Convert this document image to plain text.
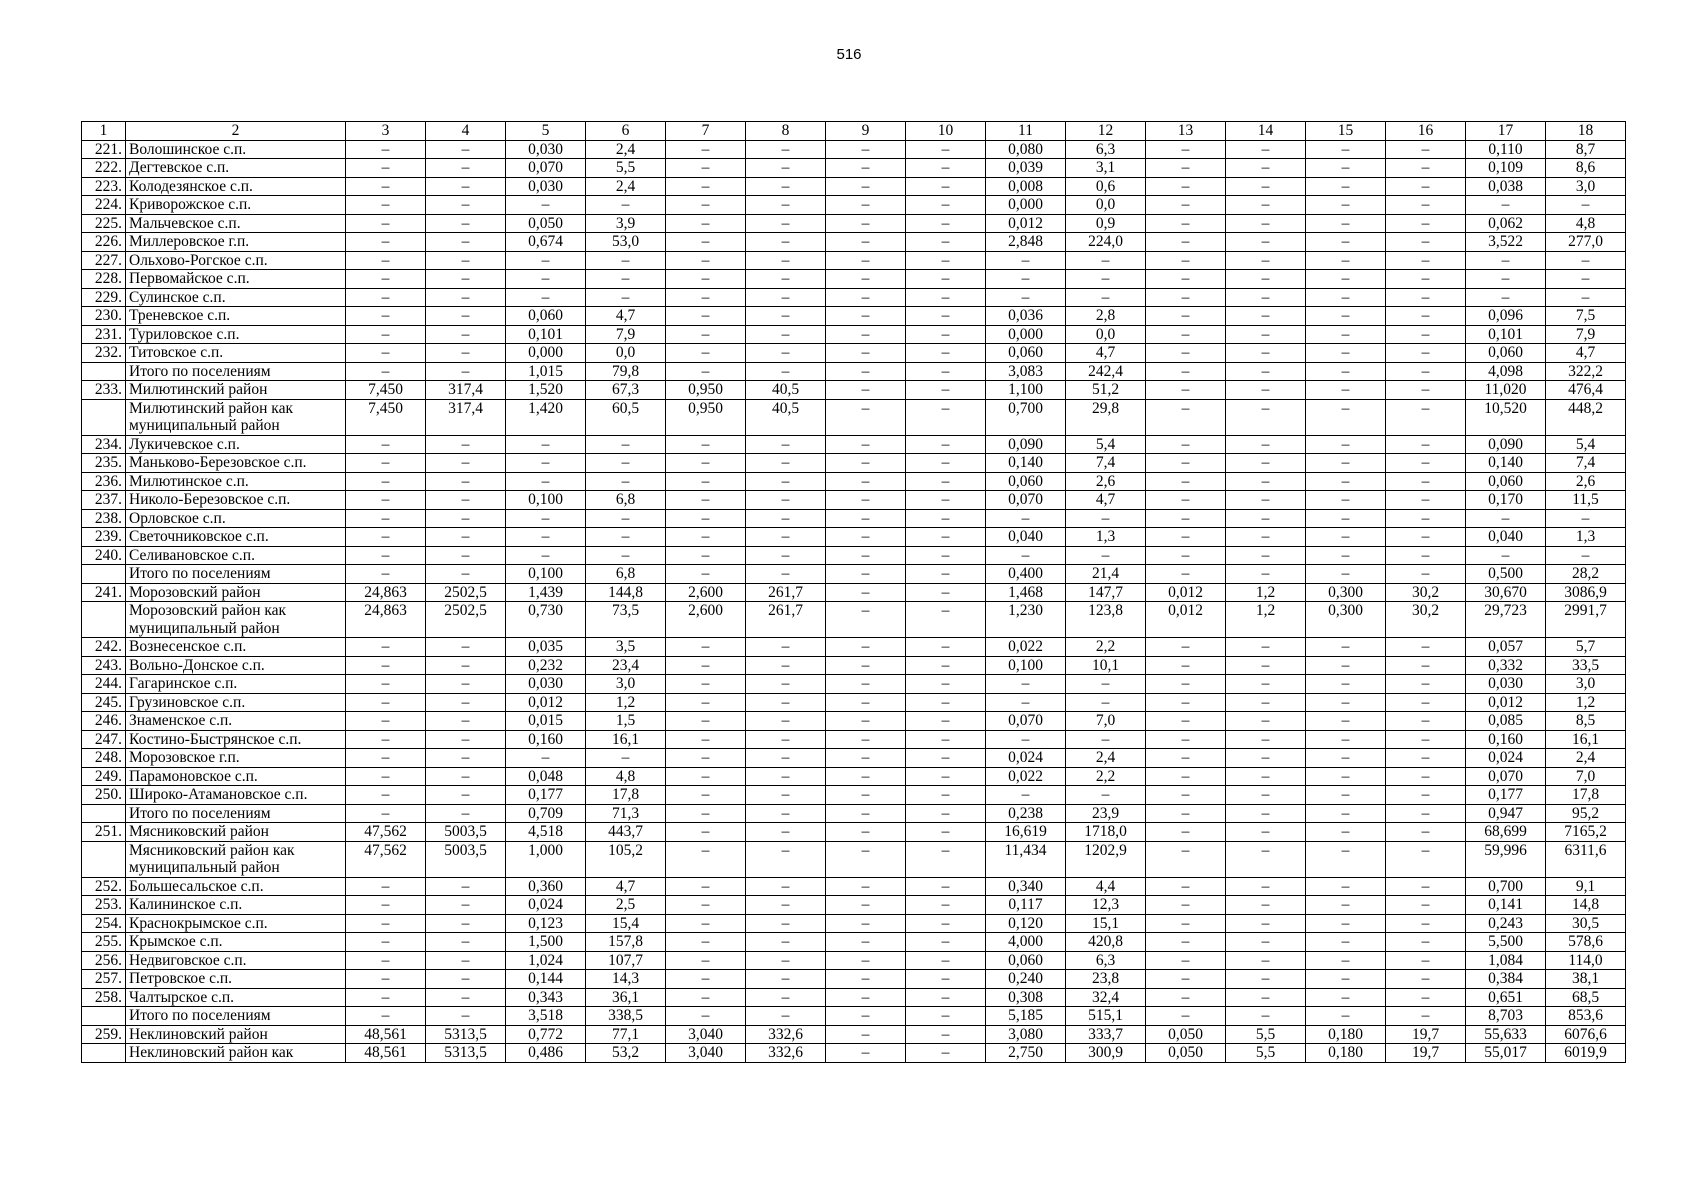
516
1	2	3	4	5	6	7	8	9	10	11	12	13	14	15	16	17	18
221.	Волошинское с.п.	–	–	0,030	2,4	–	–	–	–	0,080	6,3	–	–	–	–	0,110	8,7
222.	Дегтевское с.п.	–	–	0,070	5,5	–	–	–	–	0,039	3,1	–	–	–	–	0,109	8,6
223.	Колодезянское с.п.	–	–	0,030	2,4	–	–	–	–	0,008	0,6	–	–	–	–	0,038	3,0
224.	Криворожское с.п.	–	–	–	–	–	–	–	–	0,000	0,0	–	–	–	–	–	–
225.	Мальчевское с.п.	–	–	0,050	3,9	–	–	–	–	0,012	0,9	–	–	–	–	0,062	4,8
226.	Миллеровское г.п.	–	–	0,674	53,0	–	–	–	–	2,848	224,0	–	–	–	–	3,522	277,0
227.	Ольхово-Рогское с.п.	–	–	–	–	–	–	–	–	–	–	–	–	–	–	–	–
228.	Первомайское с.п.	–	–	–	–	–	–	–	–	–	–	–	–	–	–	–	–
229.	Сулинское с.п.	–	–	–	–	–	–	–	–	–	–	–	–	–	–	–	–
230.	Треневское с.п.	–	–	0,060	4,7	–	–	–	–	0,036	2,8	–	–	–	–	0,096	7,5
231.	Туриловское с.п.	–	–	0,101	7,9	–	–	–	–	0,000	0,0	–	–	–	–	0,101	7,9
232.	Титовское с.п.	–	–	0,000	0,0	–	–	–	–	0,060	4,7	–	–	–	–	0,060	4,7
	Итого по поселениям	–	–	1,015	79,8	–	–	–	–	3,083	242,4	–	–	–	–	4,098	322,2
233.	Милютинский район	7,450	317,4	1,520	67,3	0,950	40,5	–	–	1,100	51,2	–	–	–	–	11,020	476,4
	Милютинский район как муниципальный район	7,450	317,4	1,420	60,5	0,950	40,5	–	–	0,700	29,8	–	–	–	–	10,520	448,2
234.	Лукичевское с.п.	–	–	–	–	–	–	–	–	0,090	5,4	–	–	–	–	0,090	5,4
235.	Маньково-Березовское с.п.	–	–	–	–	–	–	–	–	0,140	7,4	–	–	–	–	0,140	7,4
236.	Милютинское с.п.	–	–	–	–	–	–	–	–	0,060	2,6	–	–	–	–	0,060	2,6
237.	Николо-Березовское с.п.	–	–	0,100	6,8	–	–	–	–	0,070	4,7	–	–	–	–	0,170	11,5
238.	Орловское с.п.	–	–	–	–	–	–	–	–	–	–	–	–	–	–	–	–
239.	Светочниковское с.п.	–	–	–	–	–	–	–	–	0,040	1,3	–	–	–	–	0,040	1,3
240.	Селивановское с.п.	–	–	–	–	–	–	–	–	–	–	–	–	–	–	–	–
	Итого по поселениям	–	–	0,100	6,8	–	–	–	–	0,400	21,4	–	–	–	–	0,500	28,2
241.	Морозовский район	24,863	2502,5	1,439	144,8	2,600	261,7	–	–	1,468	147,7	0,012	1,2	0,300	30,2	30,670	3086,9
	Морозовский район как муниципальный район	24,863	2502,5	0,730	73,5	2,600	261,7	–	–	1,230	123,8	0,012	1,2	0,300	30,2	29,723	2991,7
242.	Вознесенское с.п.	–	–	0,035	3,5	–	–	–	–	0,022	2,2	–	–	–	–	0,057	5,7
243.	Вольно-Донское с.п.	–	–	0,232	23,4	–	–	–	–	0,100	10,1	–	–	–	–	0,332	33,5
244.	Гагаринское с.п.	–	–	0,030	3,0	–	–	–	–	–	–	–	–	–	–	0,030	3,0
245.	Грузиновское с.п.	–	–	0,012	1,2	–	–	–	–	–	–	–	–	–	–	0,012	1,2
246.	Знаменское с.п.	–	–	0,015	1,5	–	–	–	–	0,070	7,0	–	–	–	–	0,085	8,5
247.	Костино-Быстрянское с.п.	–	–	0,160	16,1	–	–	–	–	–	–	–	–	–	–	0,160	16,1
248.	Морозовское г.п.	–	–	–	–	–	–	–	–	0,024	2,4	–	–	–	–	0,024	2,4
249.	Парамоновское с.п.	–	–	0,048	4,8	–	–	–	–	0,022	2,2	–	–	–	–	0,070	7,0
250.	Широко-Атамановское с.п.	–	–	0,177	17,8	–	–	–	–	–	–	–	–	–	–	0,177	17,8
	Итого по поселениям	–	–	0,709	71,3	–	–	–	–	0,238	23,9	–	–	–	–	0,947	95,2
251.	Мясниковский район	47,562	5003,5	4,518	443,7	–	–	–	–	16,619	1718,0	–	–	–	–	68,699	7165,2
	Мясниковский район как муниципальный район	47,562	5003,5	1,000	105,2	–	–	–	–	11,434	1202,9	–	–	–	–	59,996	6311,6
252.	Большесальское с.п.	–	–	0,360	4,7	–	–	–	–	0,340	4,4	–	–	–	–	0,700	9,1
253.	Калининское с.п.	–	–	0,024	2,5	–	–	–	–	0,117	12,3	–	–	–	–	0,141	14,8
254.	Краснокрымское с.п.	–	–	0,123	15,4	–	–	–	–	0,120	15,1	–	–	–	–	0,243	30,5
255.	Крымское с.п.	–	–	1,500	157,8	–	–	–	–	4,000	420,8	–	–	–	–	5,500	578,6
256.	Недвиговское с.п.	–	–	1,024	107,7	–	–	–	–	0,060	6,3	–	–	–	–	1,084	114,0
257.	Петровское с.п.	–	–	0,144	14,3	–	–	–	–	0,240	23,8	–	–	–	–	0,384	38,1
258.	Чалтырское с.п.	–	–	0,343	36,1	–	–	–	–	0,308	32,4	–	–	–	–	0,651	68,5
	Итого по поселениям	–	–	3,518	338,5	–	–	–	–	5,185	515,1	–	–	–	–	8,703	853,6
259.	Неклиновский район	48,561	5313,5	0,772	77,1	3,040	332,6	–	–	3,080	333,7	0,050	5,5	0,180	19,7	55,633	6076,6
	Неклиновский район как	48,561	5313,5	0,486	53,2	3,040	332,6	–	–	2,750	300,9	0,050	5,5	0,180	19,7	55,017	6019,9
